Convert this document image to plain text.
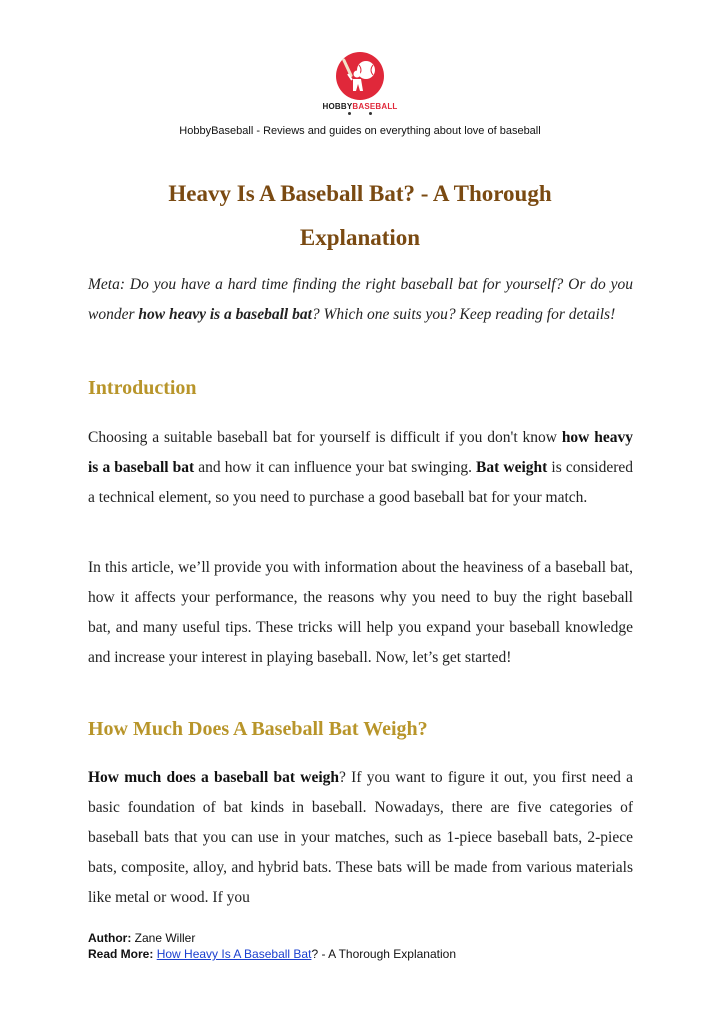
HOBBYBASEBALL
HobbyBaseball - Reviews and guides on everything about love of baseball
Heavy Is A Baseball Bat? - A Thorough Explanation

Meta: Do you have a hard time finding the right baseball bat for yourself? Or do you wonder how heavy is a baseball bat? Which one suits you? Keep reading for details!

Introduction

Choosing a suitable baseball bat for yourself is difficult if you don't know how heavy is a baseball bat and how it can influence your bat swinging. Bat weight is considered a technical element, so you need to purchase a good baseball bat for your match.

In this article, we’ll provide you with information about the heaviness of a baseball bat, how it affects your performance, the reasons why you need to buy the right baseball bat, and many useful tips. These tricks will help you expand your baseball knowledge and increase your interest in playing baseball. Now, let’s get started!

How Much Does A Baseball Bat Weigh?

How much does a baseball bat weigh? If you want to figure it out, you first need a basic foundation of bat kinds in baseball. Nowadays, there are five categories of baseball bats that you can use in your matches, such as 1-piece baseball bats, 2-piece bats, composite, alloy, and hybrid bats. These bats will be made from various materials like metal or wood. If you

Author: Zane Willer
Read More: How Heavy Is A Baseball Bat? - A Thorough Explanation
